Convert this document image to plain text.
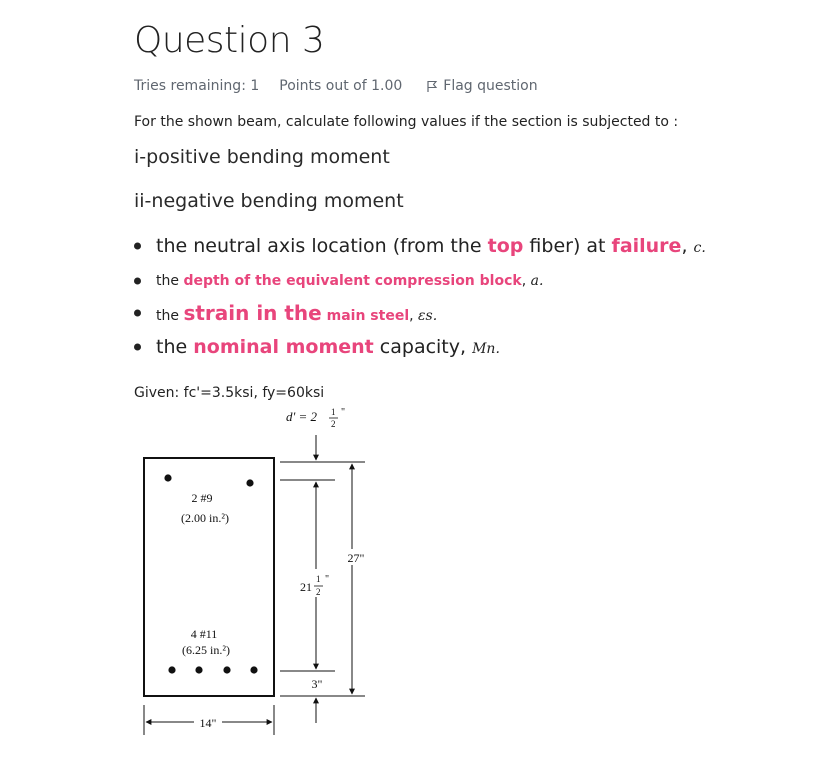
Question 3
Tries remaining: 1 Points out of 1.00	Flag question
For the shown beam, calculate following values if the section is subjected to :
i-positive bending moment
ii-negative bending moment
the neutral axis location (from the top fiber) at failure, c.
the depth of the equivalent compression block, a.
the strain in the main steel, εs.
the nominal moment capacity, Mn.
Given: fc'=3.5ksi, fy=60ksi
d' = 2 1
2
"
2 #9
(2.00 in.²)
4 #11
(6.25 in.²)
27"
21
1
2
"
3"
14"
